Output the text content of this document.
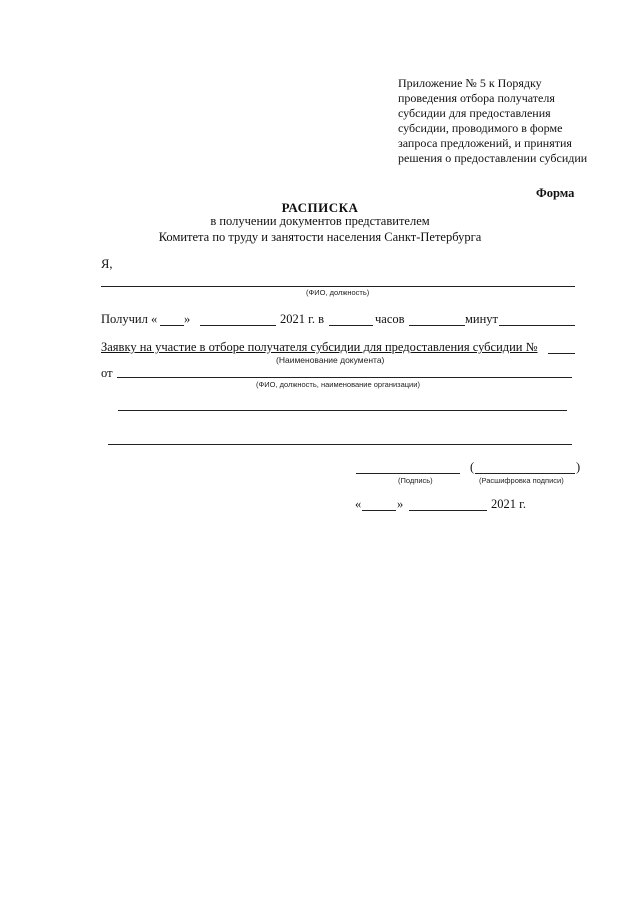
Приложение № 5 к Порядку проведения отбора получателя субсидии для предоставления субсидии, проводимого в форме запроса предложений, и принятия решения о предоставлении субсидии
Форма
РАСПИСКА
в получении документов представителем
Комитета по труду и занятости населения Санкт-Петербурга
Я,
(ФИО, должность)
Получил « »	2021 г. в	часов	минут
Заявку на участие в отборе получателя субсидии для предоставления субсидии №
(Наименование документа)
от
(ФИО, должность, наименование организации)
(	)
(Подпись)	(Расшифровка подписи)
«	»	2021 г.
